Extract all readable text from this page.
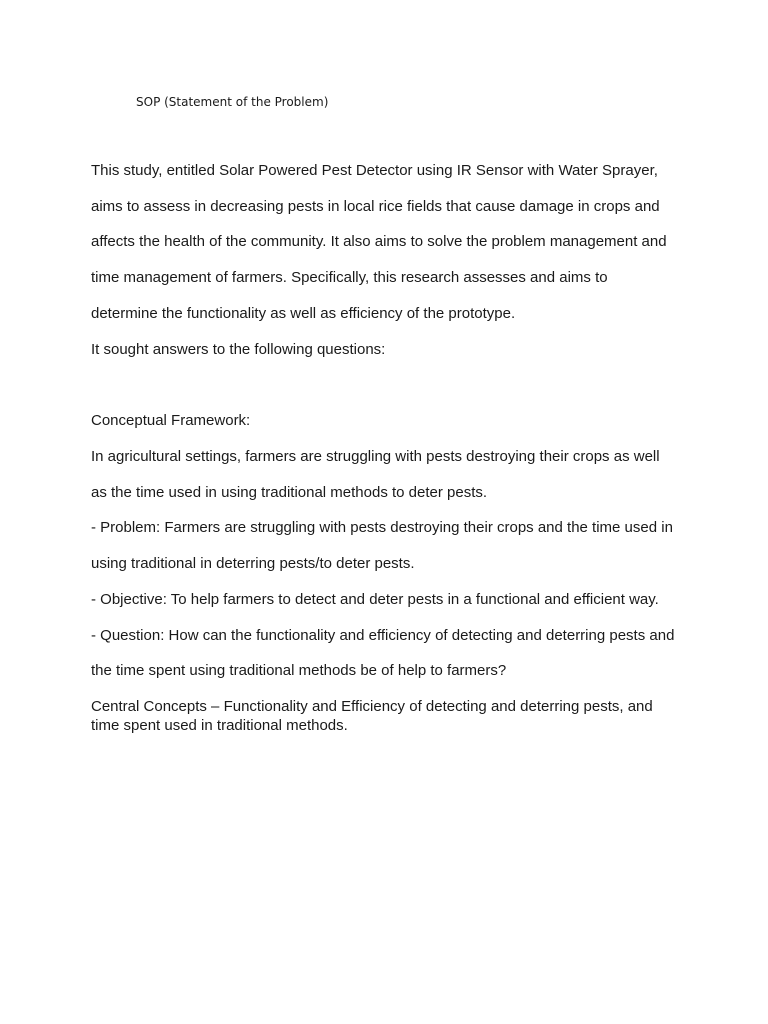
SOP (Statement of the Problem)
This study, entitled Solar Powered Pest Detector using IR Sensor with Water Sprayer,
aims to assess in decreasing pests in local rice fields that cause damage in crops and
affects the health of the community. It also aims to solve the problem management and
time management of farmers. Specifically, this research assesses and aims to
determine the functionality as well as efficiency of the prototype.
It sought answers to the following questions:
Conceptual Framework:
In agricultural settings, farmers are struggling with pests destroying their crops as well
as the time used in using traditional methods to deter pests.
- Problem: Farmers are struggling with pests destroying their crops and the time used in
using traditional in deterring pests/to deter pests.
- Objective: To help farmers to detect and deter pests in a functional and efficient way.
- Question: How can the functionality and efficiency of detecting and deterring pests and
the time spent using traditional methods be of help to farmers?
Central Concepts – Functionality and Efficiency of detecting and deterring pests, and
time spent used in traditional methods.
